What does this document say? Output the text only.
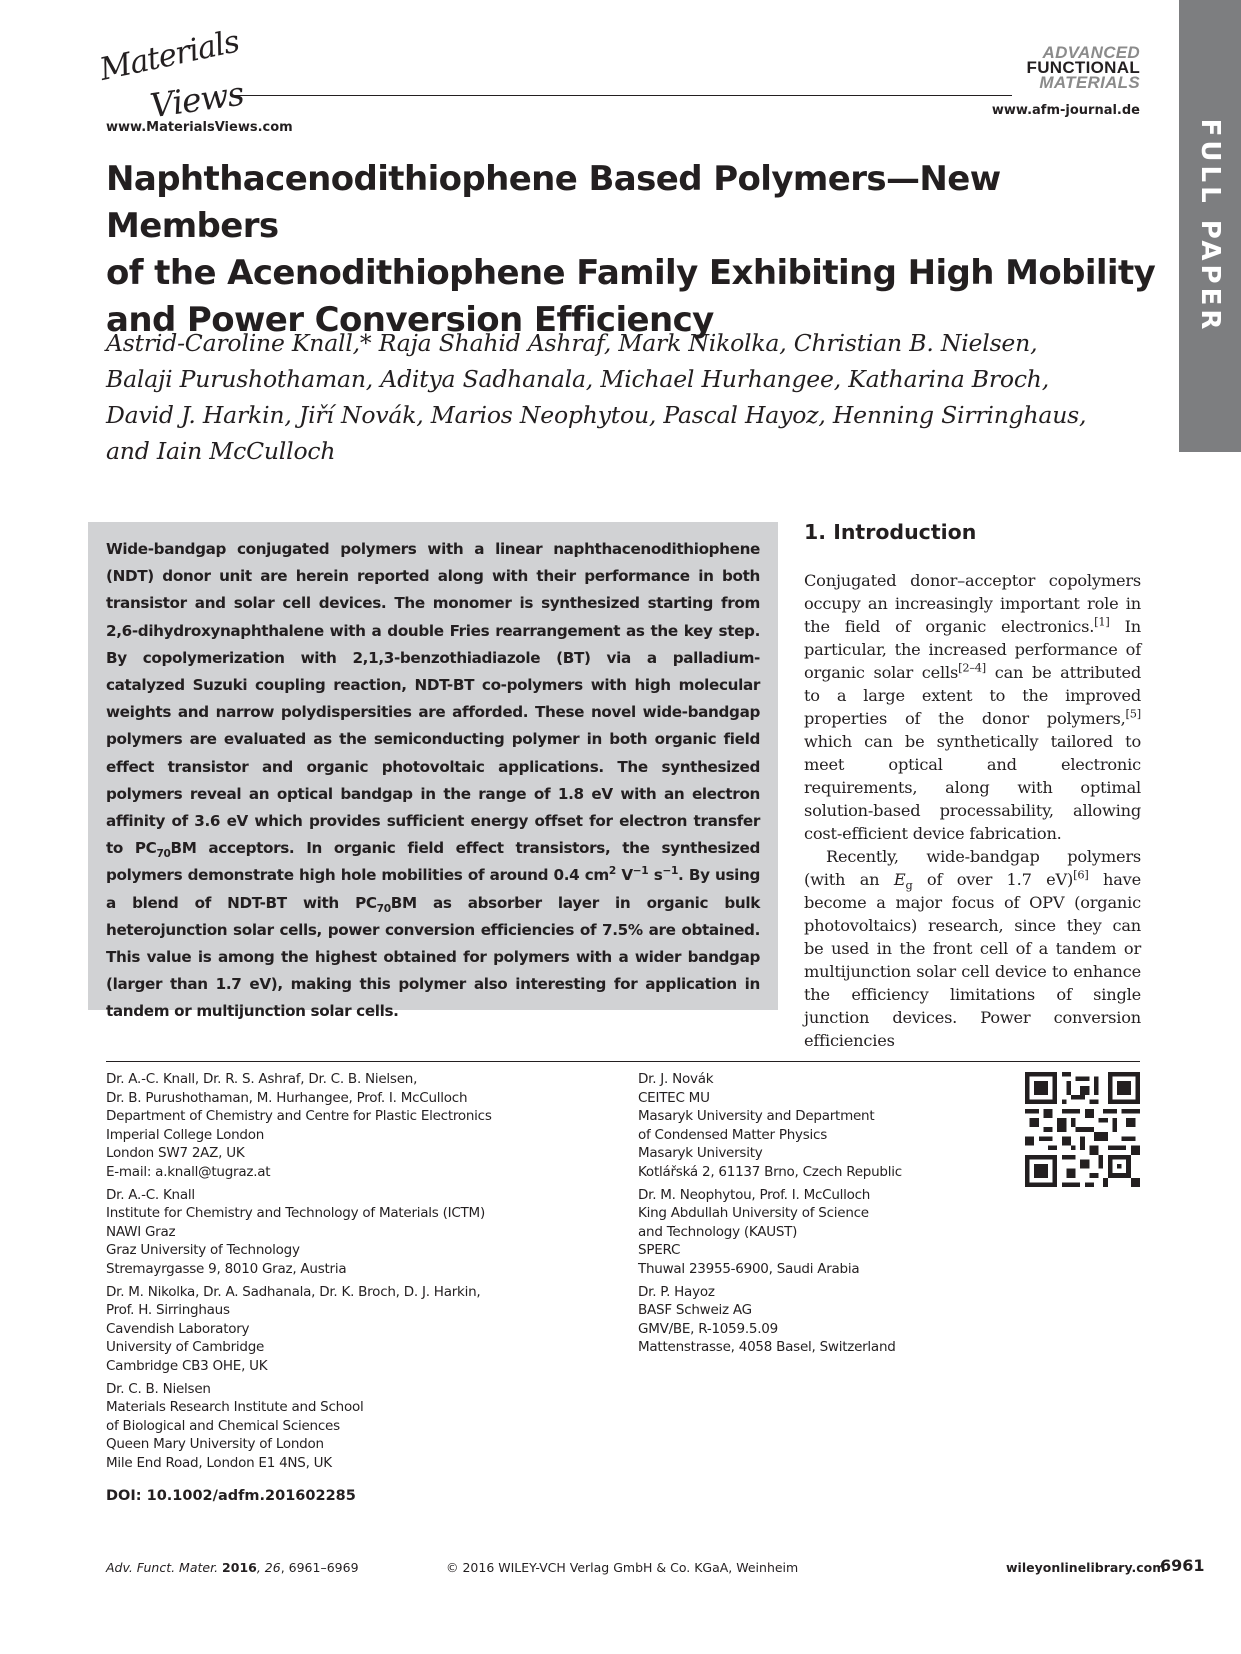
Materials
Views
www.MaterialsViews.com
ADVANCED
FUNCTIONAL
MATERIALS
www.afm-journal.de
FULL PAPER
Naphthacenodithiophene Based Polymers—New Members
of the Acenodithiophene Family Exhibiting High Mobility
and Power Conversion Efficiency
Astrid-Caroline Knall,* Raja Shahid Ashraf, Mark Nikolka, Christian B. Nielsen,
Balaji Purushothaman, Aditya Sadhanala, Michael Hurhangee, Katharina Broch,
David J. Harkin, Jiří Novák, Marios Neophytou, Pascal Hayoz, Henning Sirringhaus,
and Iain McCulloch

Wide-bandgap conjugated polymers with a linear naphthacenodithiophene (NDT) donor unit are herein reported along with their performance in both transistor and solar cell devices. The monomer is synthesized starting from 2,6-dihydroxynaphthalene with a double Fries rearrangement as the key step. By copolymerization with 2,1,3-benzothiadiazole (BT) via a palladium-catalyzed Suzuki coupling reaction, NDT-BT co-polymers with high molecular weights and narrow polydispersities are afforded. These novel wide-bandgap polymers are evaluated as the semiconducting polymer in both organic field effect transistor and organic photovoltaic applications. The synthesized polymers reveal an optical bandgap in the range of 1.8 eV with an electron affinity of 3.6 eV which provides sufficient energy offset for electron transfer to $PC_{70}BM$ acceptors. In organic field effect transistors, the synthesized polymers demonstrate high hole mobilities of around 0.4 $cm^2$ $V^{-1}$ $s^{-1}$. By using a blend of NDT-BT with $PC_{70}BM$ as absorber layer in organic bulk heterojunction solar cells, power conversion efficiencies of 7.5% are obtained. This value is among the highest obtained for polymers with a wider bandgap (larger than 1.7 eV), making this polymer also interesting for application in tandem or multijunction solar cells.

1. Introduction

Conjugated donor–acceptor copolymers occupy an increasingly important role in the field of organic electronics.[1] In particular, the increased performance of organic solar cells[2–4] can be attributed to a large extent to the improved properties of the donor polymers,[5] which can be synthetically tailored to meet optical and electronic requirements, along with optimal solution-based processability, allowing cost-efficient device fabrication.

Recently, wide-bandgap polymers (with an $E_g$ of over 1.7 eV)[6] have become a major focus of OPV (organic photovoltaics) research, since they can be used in the front cell of a tandem or multijunction solar cell device to enhance the efficiency limitations of single junction devices. Power conversion efficiencies

Dr. A.-C. Knall, Dr. R. S. Ashraf, Dr. C. B. Nielsen,
Dr. B. Purushothaman, M. Hurhangee, Prof. I. McCulloch
Department of Chemistry and Centre for Plastic Electronics
Imperial College London
London SW7 2AZ, UK
E-mail: a.knall@tugraz.at
Dr. A.-C. Knall
Institute for Chemistry and Technology of Materials (ICTM)
NAWI Graz
Graz University of Technology
Stremayrgasse 9, 8010 Graz, Austria
Dr. M. Nikolka, Dr. A. Sadhanala, Dr. K. Broch, D. J. Harkin,
Prof. H. Sirringhaus
Cavendish Laboratory
University of Cambridge
Cambridge CB3 OHE, UK
Dr. C. B. Nielsen
Materials Research Institute and School
of Biological and Chemical Sciences
Queen Mary University of London
Mile End Road, London E1 4NS, UK
Dr. J. Novák
CEITEC MU
Masaryk University and Department
of Condensed Matter Physics
Masaryk University
Kotlářská 2, 61137 Brno, Czech Republic
Dr. M. Neophytou, Prof. I. McCulloch
King Abdullah University of Science
and Technology (KAUST)
SPERC
Thuwal 23955-6900, Saudi Arabia
Dr. P. Hayoz
BASF Schweiz AG
GMV/BE, R-1059.5.09
Mattenstrasse, 4058 Basel, Switzerland
DOI: 10.1002/adfm.201602285
Adv. Funct. Mater. 2016, 26, 6961–6969	© 2016 WILEY-VCH Verlag GmbH & Co. KGaA, Weinheim	wileyonlinelibrary.com
6961
